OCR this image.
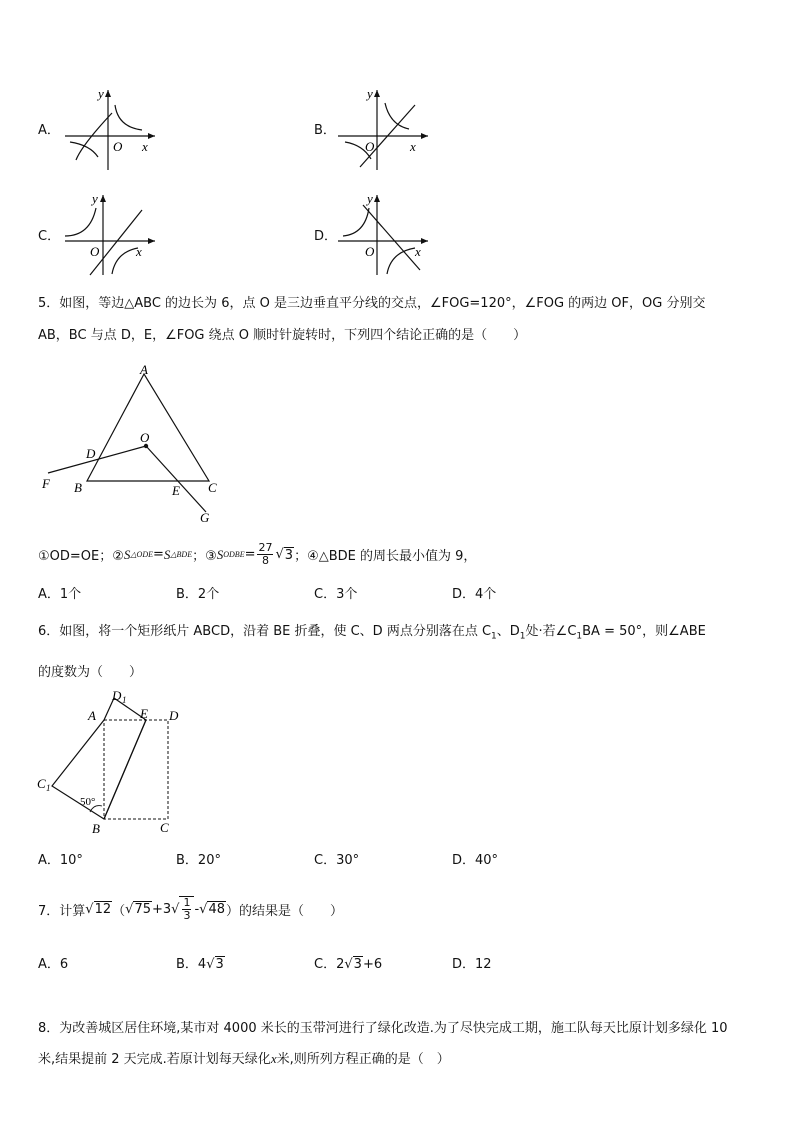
A．
y
O x
B．
y
O	x
C．
y
O	x
D．
y
O	x
5．如图，等边△ABC 的边长为 6，点 O 是三边垂直平分线的交点，∠FOG=120°，∠FOG 的两边 OF，OG 分别交
AB，BC 与点 D，E，∠FOG 绕点 O 顺时针旋转时，下列四个结论正确的是（　　）
A
O
D
F B	E C
G
①OD=OE；② S △ODE = S △BDE ；③ S ODBE = $\frac{27}{8}$ √ 3 ；④△BDE 的周长最小值为 9，
A．1个	B．2个	C．3个	D．4个
6．如图，将一个矩形纸片 ABCD，沿着 BE 折叠，使 C、D 两点分别落在点 $C_1$、$D_1$处·若$\angle C_1BA = 50^\circ$，则∠ABE
的度数为（　　）
D 1
A	E D
C 1
50°
B	C
A．10°	B．20°	C．30°	D．40°
7．计算 √ 12 （ √ 75 +3 √ $\frac{1}{3}$ - √ 48 ）的结果是（　　）
A．6	B．4√3	C．2√3+6	D．12
8．为改善城区居住环境,某市对 4000 米长的玉带河进行了绿化改造.为了尽快完成工期，施工队每天比原计划多绿化 10
米,结果提前 2 天完成.若原计划每天绿化x米,则所列方程正确的是（　）
